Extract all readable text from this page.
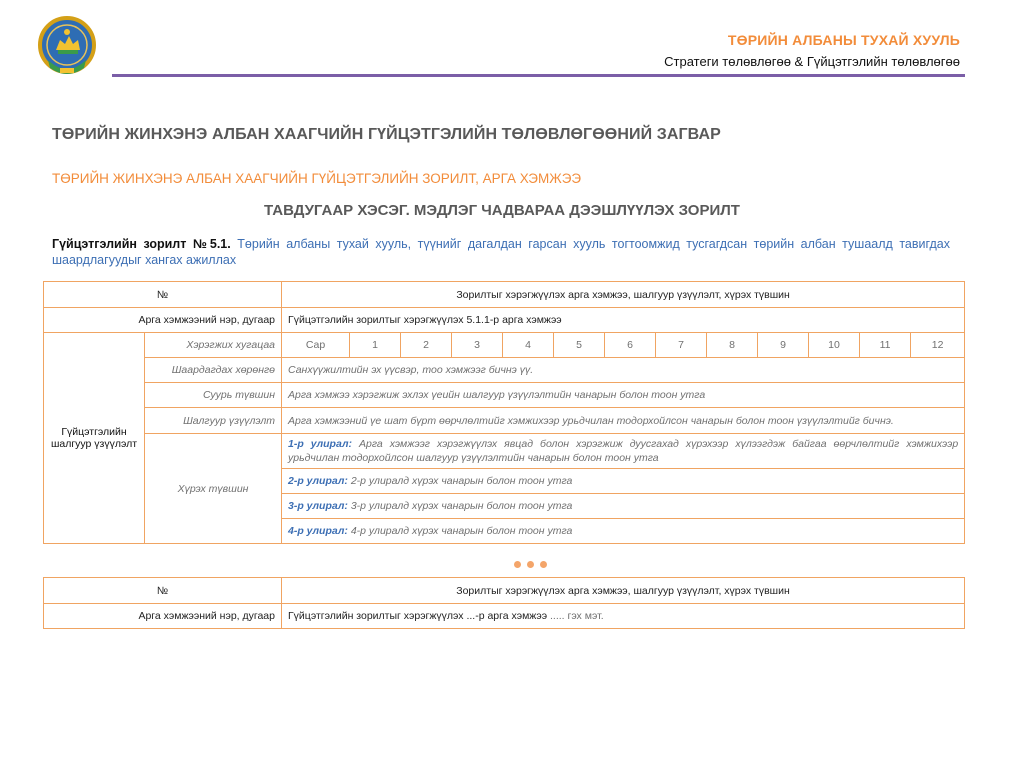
ТӨРИЙН АЛБАНЫ ТУХАЙ ХУУЛЬ
Стратеги төлөвлөгөө & Гүйцэтгэлийн төлөвлөгөө
ТӨРИЙН ЖИНХЭНЭ АЛБАН ХААГЧИЙН ГҮЙЦЭТГЭЛИЙН ТӨЛӨВЛӨГӨӨНИЙ ЗАГВАР
ТӨРИЙН ЖИНХЭНЭ АЛБАН ХААГЧИЙН ГҮЙЦЭТГЭЛИЙН ЗОРИЛТ, АРГА ХЭМЖЭЭ
ТАВДУГААР ХЭСЭГ. МЭДЛЭГ ЧАДВАРАА ДЭЭШЛҮҮЛЭХ ЗОРИЛТ
Гүйцэтгэлийн зорилт №5.1. Төрийн албаны тухай хууль, түүнийг дагалдан гарсан хууль тогтоомжид тусгагдсан төрийн албан тушаалд тавигдах шаардлагуудыг хангах ажиллах
№		Зорилтыг хэрэгжүүлэх арга хэмжээ, шалгуур үзүүлэлт, хүрэх түвшин												
Арга хэмжээний нэр, дугаар		Гүйцэтгэлийн зорилтыг хэрэгжүүлэх 5.1.1-р арга хэмжээ												
Гүйцэтгэлийн шалгуур үзүүлэлт	Хэрэгжих хугацаа	Сар	1	2	3	4	5	6	7	8	9	10	11	12
	Шаардагдах хөрөнгө	Санхүүжилтийн эх үүсвэр, тоо хэмжээг бичнэ үү.												
	Суурь түвшин	Арга хэмжээ хэрэгжиж эхлэх үеийн шалгуур үзүүлэлтийн чанарын болон тоон утга												
	Шалгуур үзүүлэлт	Арга хэмжээний үе шат бүрт өөрчлөлтийг хэмжихээр урьдчилан тодорхойлсон чанарын болон тоон үзүүлэлтийг бичнэ.												
	Хүрэх түвшин	1-р улирал: Арга хэмжээг хэрэгжүүлэх явцад болон хэрэгжиж дуусгахад хүрэхээр хүлээгдэж байгаа өөрчлөлтийг хэмжихээр урьдчилан тодорхойлсон шалгуур үзүүлэлтийн чанарын болон тоон утга												
		2-р улирал: 2-р улиралд хүрэх чанарын болон тоон утга												
		3-р улирал: 3-р улиралд хүрэх чанарын болон тоон утга												
		4-р улирал: 4-р улиралд хүрэх чанарын болон тоон утга												
№	Зорилтыг хэрэгжүүлэх арга хэмжээ, шалгуур үзүүлэлт, хүрэх түвшин
Арга хэмжээний нэр, дугаар	Гүйцэтгэлийн зорилтыг хэрэгжүүлэх ...-р арга хэмжээ ..... гэх мэт.
